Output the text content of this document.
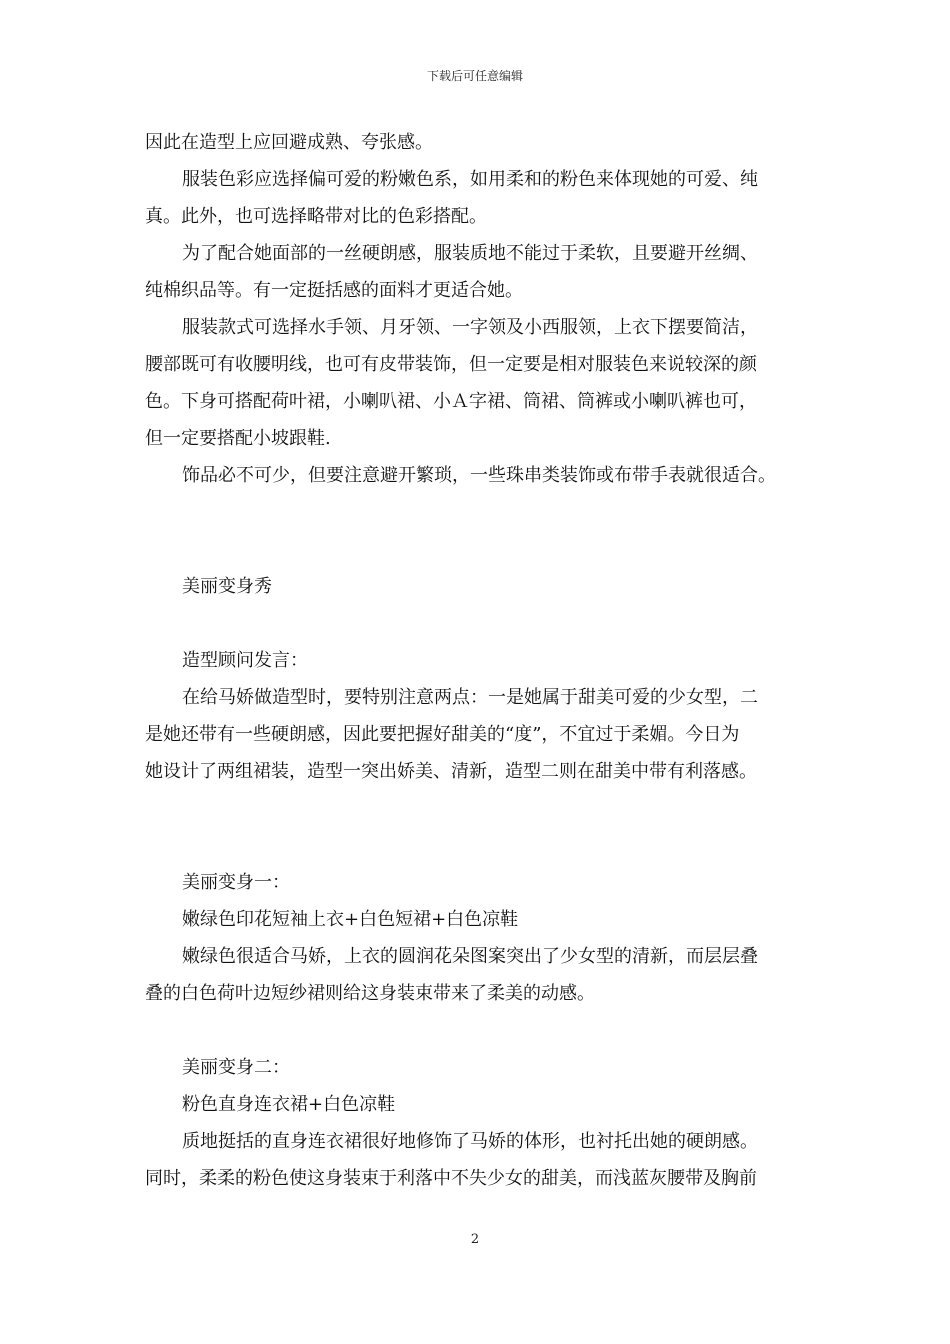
下载后可任意编辑

因此在造型上应回避成熟、夸张感。

服装色彩应选择偏可爱的粉嫩色系，如用柔和的粉色来体现她的可爱、纯

真。此外，也可选择略带对比的色彩搭配。

为了配合她面部的一丝硬朗感，服装质地不能过于柔软，且要避开丝绸、

纯棉织品等。有一定挺括感的面料才更适合她。

服装款式可选择水手领、月牙领、一字领及小西服领，上衣下摆要简洁，

腰部既可有收腰明线，也可有皮带装饰，但一定要是相对服装色来说较深的颜

色。下身可搭配荷叶裙，小喇叭裙、小Ａ字裙、筒裙、筒裤或小喇叭裤也可，

但一定要搭配小坡跟鞋.

饰品必不可少，但要注意避开繁琐，一些珠串类装饰或布带手表就很适合。

美丽变身秀

造型顾问发言：

在给马娇做造型时，要特别注意两点：一是她属于甜美可爱的少女型，二

是她还带有一些硬朗感，因此要把握好甜美的“度”，不宜过于柔媚。今日为

她设计了两组裙装，造型一突出娇美、清新，造型二则在甜美中带有利落感。

美丽变身一：

嫩绿色印花短袖上衣+白色短裙+白色凉鞋

嫩绿色很适合马娇，上衣的圆润花朵图案突出了少女型的清新，而层层叠

叠的白色荷叶边短纱裙则给这身装束带来了柔美的动感。

美丽变身二：

粉色直身连衣裙+白色凉鞋

质地挺括的直身连衣裙很好地修饰了马娇的体形，也衬托出她的硬朗感。

同时，柔柔的粉色使这身装束于利落中不失少女的甜美，而浅蓝灰腰带及胸前

2
